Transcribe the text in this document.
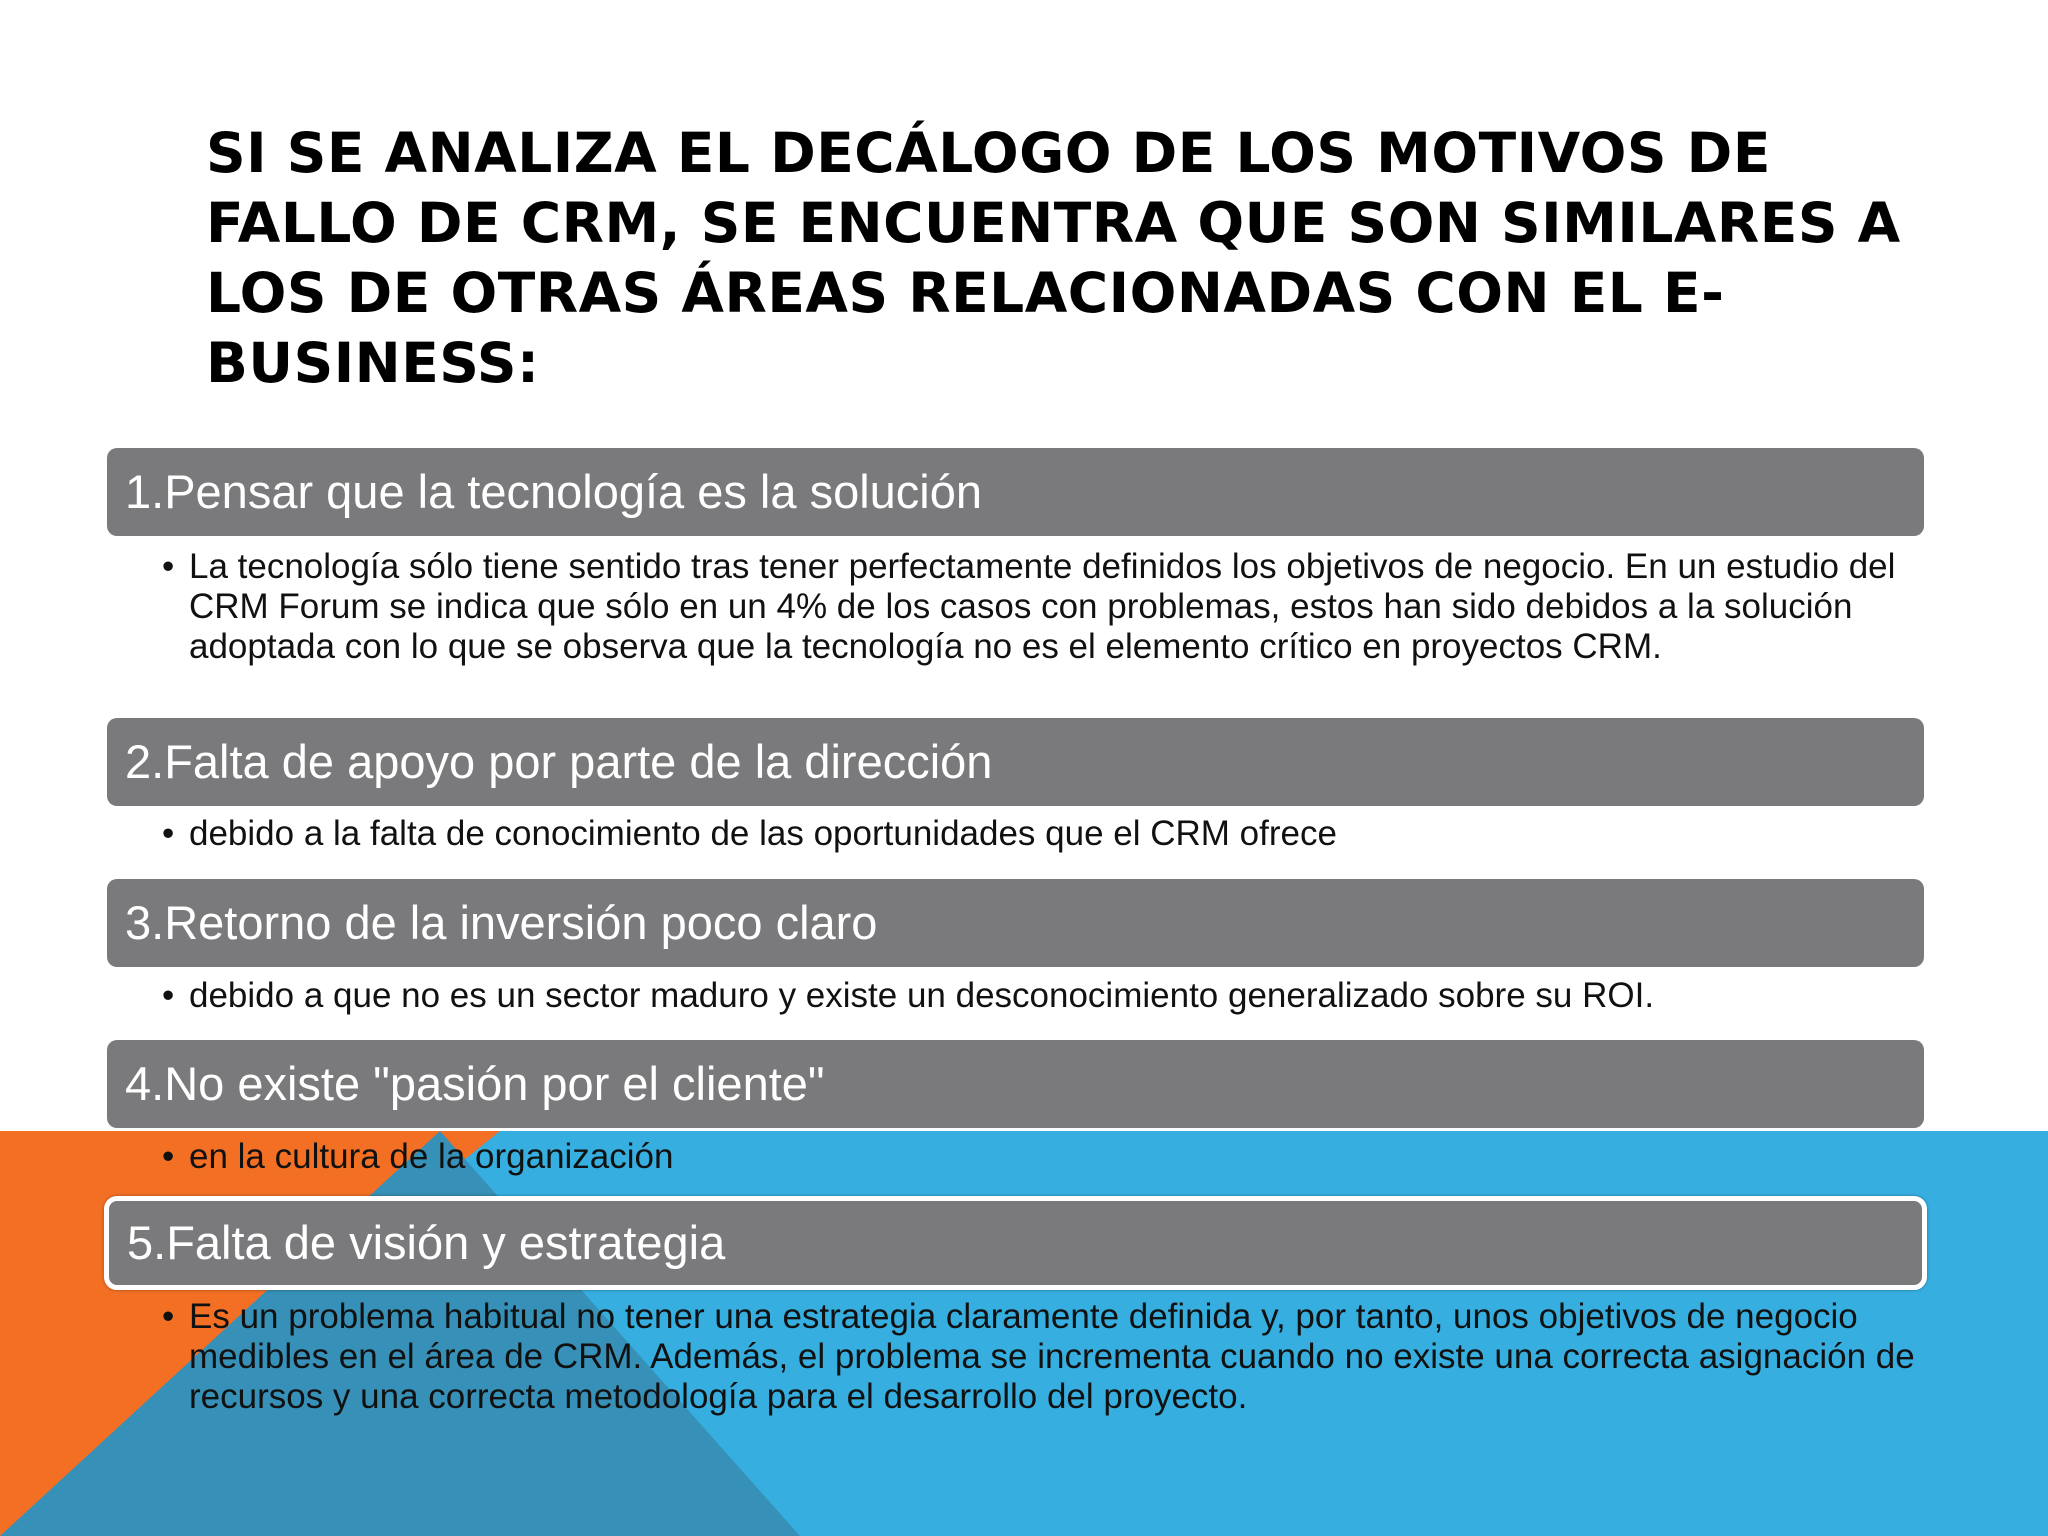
SI SE ANALIZA EL DECÁLOGO DE LOS MOTIVOS DE FALLO DE CRM, SE ENCUENTRA QUE SON SIMILARES A LOS DE OTRAS ÁREAS RELACIONADAS CON EL E-BUSINESS:
1.Pensar que la tecnología es la solución

• La tecnología sólo tiene sentido tras tener perfectamente definidos los objetivos de negocio. En un estudio del CRM Forum se indica que sólo en un 4% de los casos con problemas, estos han sido debidos a la solución adoptada con lo que se observa que la tecnología no es el elemento crítico en proyectos CRM.

2.Falta de apoyo por parte de la dirección

• debido a la falta de conocimiento de las oportunidades que el CRM ofrece

3.Retorno de la inversión poco claro

• debido a que no es un sector maduro y existe un desconocimiento generalizado sobre su ROI.

4.No existe "pasión por el cliente"

• en la cultura de la organización

5.Falta de visión y estrategia

• Es un problema habitual no tener una estrategia claramente definida y, por tanto, unos objetivos de negocio medibles en el área de CRM. Además, el problema se incrementa cuando no existe una correcta asignación de recursos y una correcta metodología para el desarrollo del proyecto.
